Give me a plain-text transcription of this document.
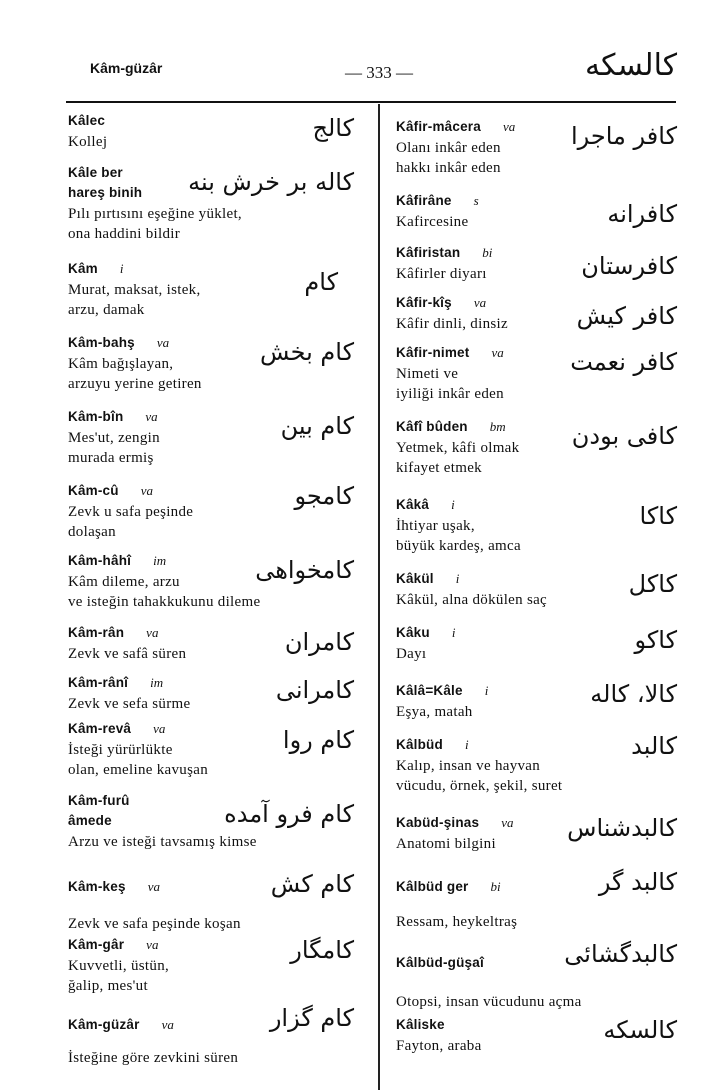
Kâm-güzâr	— 333 —	كالسكه
Kâlec
Kollej	كالج
Kâle ber
hareş binih
Pılı pırtısını eşeğine yüklet,
ona haddini bildir
كاله بر خرش بنه
Kâm i
Murat, maksat, istek,
arzu, damak
كام
Kâm-bahş va
Kâm bağışlayan,
arzuyu yerine getiren
كام بخش
Kâm-bîn va
Mes'ut, zengin
murada ermiş
كام بين
Kâm-cû va
Zevk u safa peşinde
dolaşan
كامجو
Kâm-hâhî im
Kâm dileme, arzu
ve isteğin tahakkukunu dileme
كامخواهى
Kâm-rân va
Zevk ve safâ süren	كامران
Kâm-rânî im
Zevk ve sefa sürme	كامرانى
Kâm-revâ va
İsteği yürürlükte
olan, emeline kavuşan
كام روا
Kâm-furû
âmede
Arzu ve isteği tavsamış kimse
كام فرو آمده
Kâm-keş va
Zevk ve safa peşinde koşan
كام كش
Kâm-gâr va
Kuvvetli, üstün,
ğalip, mes'ut
كامگار
Kâm-güzâr va
İsteğine göre zevkini süren
كام گزار
Kâfir-mâcera va
Olanı inkâr eden
hakkı inkâr eden
كافر ماجرا
Kâfirâne s
Kafircesine	كافرانه
Kâfiristan bi
Kâfirler diyarı	كافرستان
Kâfir-kîş va
Kâfir dinli, dinsiz	كافر كيش
Kâfir-nimet va
Nimeti ve
iyiliği inkâr eden
كافر نعمت
Kâfî bûden bm
Yetmek, kâfi olmak
kifayet etmek
كافى بودن
Kâkâ i
İhtiyar uşak,
büyük kardeş, amca
كاكا
Kâkül i
Kâkül, alna dökülen saç
كاكل
Kâku i
Dayı	كاكو
Kâlâ=Kâle i
Eşya, matah
كالا، كاله
Kâlbüd i
Kalıp, insan ve hayvan
vücudu, örnek, şekil, suret
كالبد
Kabüd-şinas va
Anatomi bilgini
كالبدشناس
Kâlbüd ger bi
Ressam, heykeltraş
كالبد گر
Kâlbüd-güşaî
Otopsi, insan vücudunu açma
كالبدگشائى
Kâliske
Fayton, araba
كالسكه
